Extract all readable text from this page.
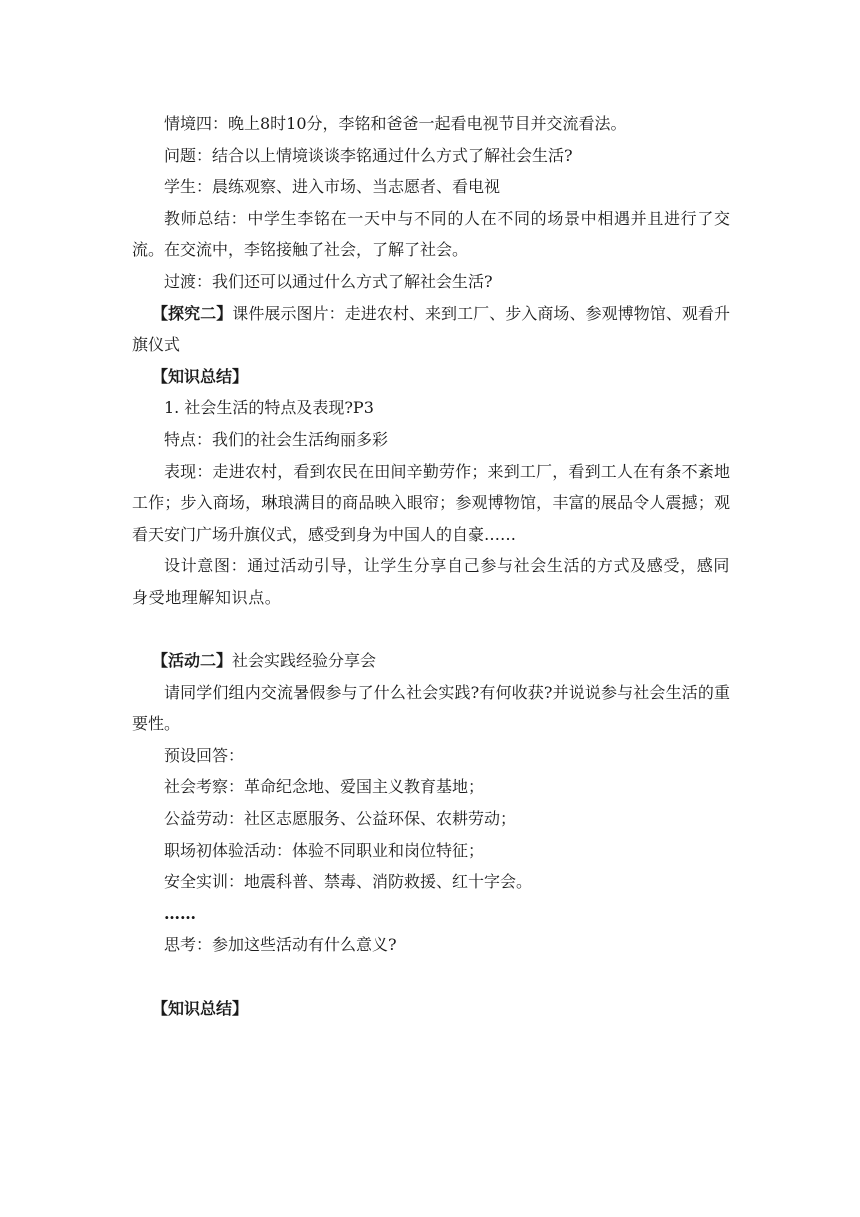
情境四：晚上8时10分，李铭和爸爸一起看电视节目并交流看法。

问题：结合以上情境谈谈李铭通过什么方式了解社会生活?

学生：晨练观察、进入市场、当志愿者、看电视

教师总结：中学生李铭在一天中与不同的人在不同的场景中相遇并且进行了交流。在交流中，李铭接触了社会，了解了社会。

过渡：我们还可以通过什么方式了解社会生活?

【探究二】课件展示图片：走进农村、来到工厂、步入商场、参观博物馆、观看升旗仪式

【知识总结】

1. 社会生活的特点及表现?P3

特点：我们的社会生活绚丽多彩

表现：走进农村，看到农民在田间辛勤劳作；来到工厂，看到工人在有条不紊地工作；步入商场，琳琅满目的商品映入眼帘；参观博物馆，丰富的展品令人震撼；观看天安门广场升旗仪式，感受到身为中国人的自豪……

设计意图：通过活动引导，让学生分享自己参与社会生活的方式及感受，感同身受地理解知识点。

【活动二】社会实践经验分享会

请同学们组内交流暑假参与了什么社会实践?有何收获?并说说参与社会生活的重要性。

预设回答：

社会考察：革命纪念地、爱国主义教育基地；

公益劳动：社区志愿服务、公益环保、农耕劳动；

职场初体验活动：体验不同职业和岗位特征；

安全实训：地震科普、禁毒、消防救援、红十字会。

……

思考：参加这些活动有什么意义?

【知识总结】
